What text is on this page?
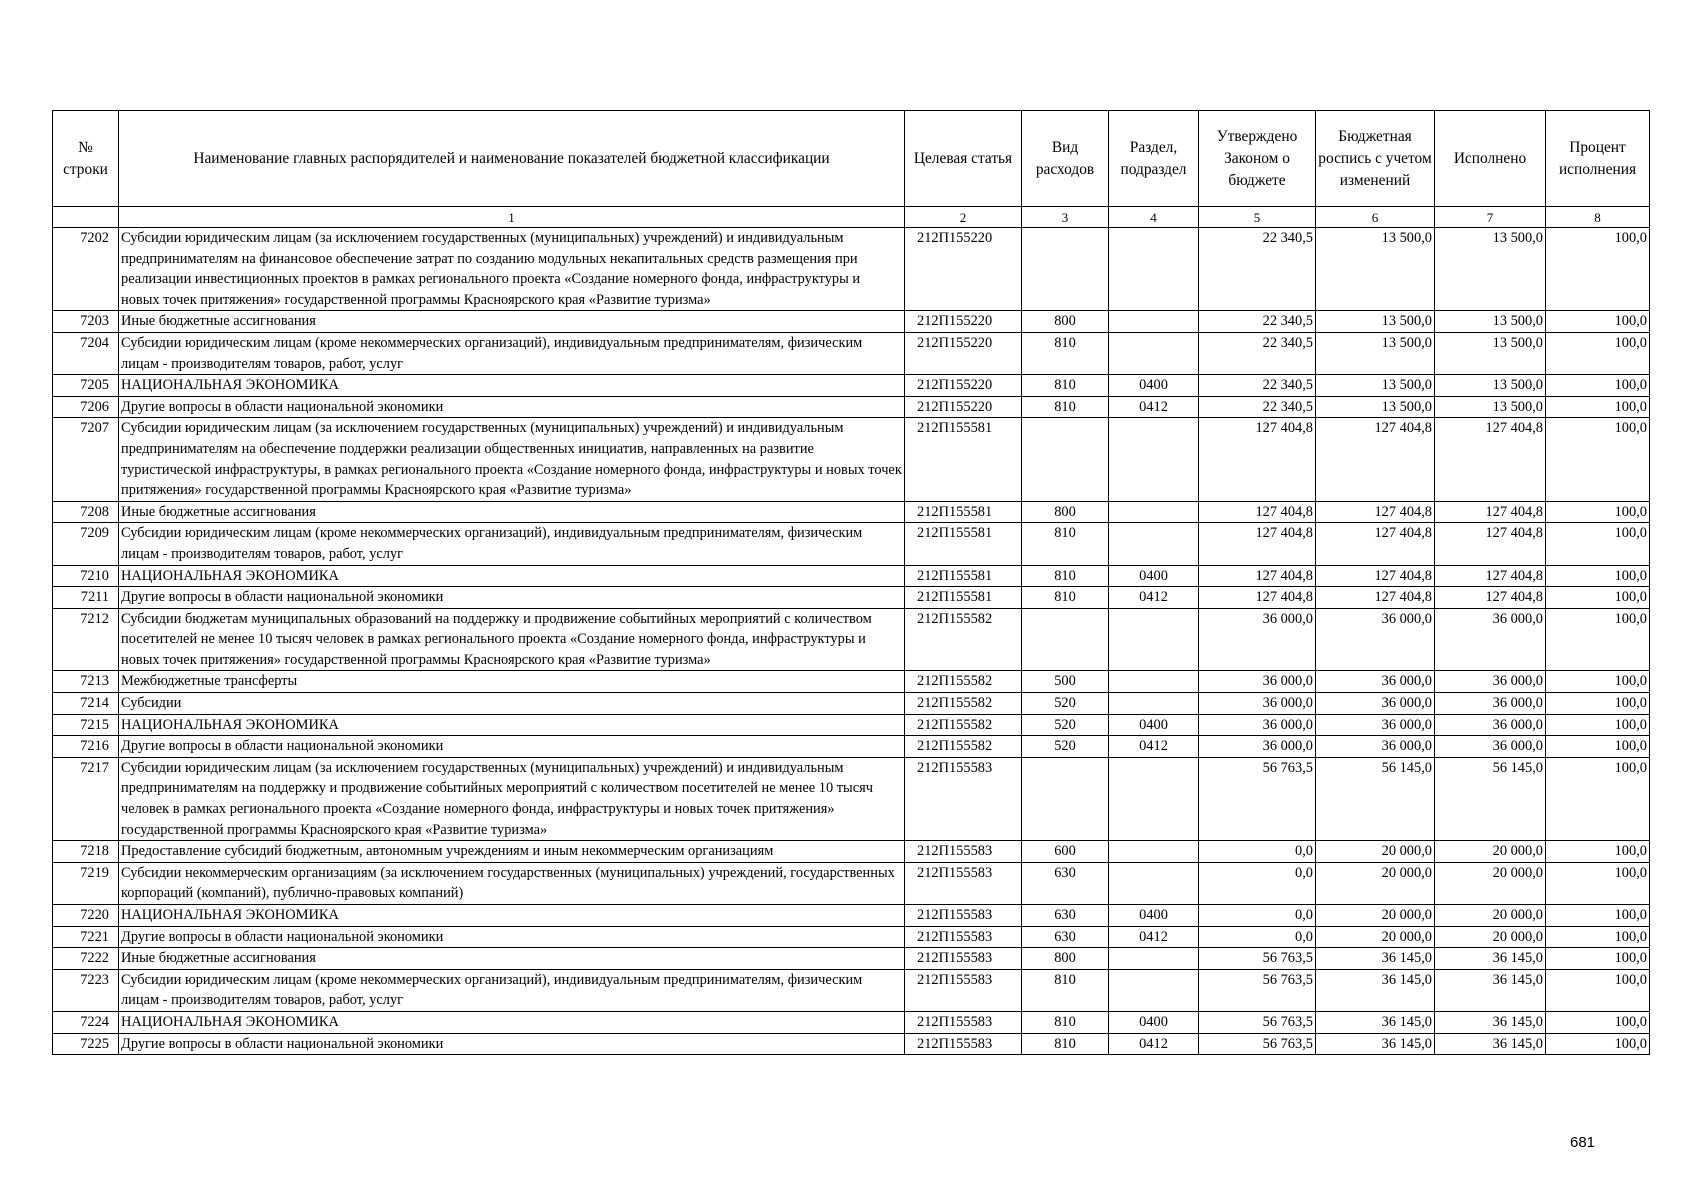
№ строки	Наименование главных распорядителей и наименование показателей бюджетной классификации	Целевая статья	Вид расходов	Раздел, подраздел	Утверждено Законом о бюджете	Бюджетная роспись с учетом изменений	Исполнено	Процент исполнения
	1	2	3	4	5	6	7	8
7202	Субсидии юридическим лицам (за исключением государственных (муниципальных) учреждений) и индивидуальным предпринимателям на финансовое обеспечение затрат по созданию модульных некапитальных средств размещения при реализации инвестиционных проектов в рамках регионального проекта «Создание номерного фонда, инфраструктуры и новых точек притяжения» государственной программы Красноярского края «Развитие туризма»	212П155220			22 340,5	13 500,0	13 500,0	100,0
7203	Иные бюджетные ассигнования	212П155220	800		22 340,5	13 500,0	13 500,0	100,0
7204	Субсидии юридическим лицам (кроме некоммерческих организаций), индивидуальным предпринимателям, физическим лицам - производителям товаров, работ, услуг	212П155220	810		22 340,5	13 500,0	13 500,0	100,0
7205	НАЦИОНАЛЬНАЯ ЭКОНОМИКА	212П155220	810	0400	22 340,5	13 500,0	13 500,0	100,0
7206	Другие вопросы в области национальной экономики	212П155220	810	0412	22 340,5	13 500,0	13 500,0	100,0
7207	Субсидии юридическим лицам (за исключением государственных (муниципальных) учреждений) и индивидуальным предпринимателям на обеспечение поддержки реализации общественных инициатив, направленных на развитие туристической инфраструктуры, в рамках регионального проекта «Создание номерного фонда, инфраструктуры и новых точек притяжения» государственной программы Красноярского края «Развитие туризма»	212П155581			127 404,8	127 404,8	127 404,8	100,0
7208	Иные бюджетные ассигнования	212П155581	800		127 404,8	127 404,8	127 404,8	100,0
7209	Субсидии юридическим лицам (кроме некоммерческих организаций), индивидуальным предпринимателям, физическим лицам - производителям товаров, работ, услуг	212П155581	810		127 404,8	127 404,8	127 404,8	100,0
7210	НАЦИОНАЛЬНАЯ ЭКОНОМИКА	212П155581	810	0400	127 404,8	127 404,8	127 404,8	100,0
7211	Другие вопросы в области национальной экономики	212П155581	810	0412	127 404,8	127 404,8	127 404,8	100,0
7212	Субсидии бюджетам муниципальных образований на поддержку и продвижение событийных мероприятий с количеством посетителей не менее 10 тысяч человек в рамках регионального проекта «Создание номерного фонда, инфраструктуры и новых точек притяжения» государственной программы Красноярского края «Развитие туризма»	212П155582			36 000,0	36 000,0	36 000,0	100,0
7213	Межбюджетные трансферты	212П155582	500		36 000,0	36 000,0	36 000,0	100,0
7214	Субсидии	212П155582	520		36 000,0	36 000,0	36 000,0	100,0
7215	НАЦИОНАЛЬНАЯ ЭКОНОМИКА	212П155582	520	0400	36 000,0	36 000,0	36 000,0	100,0
7216	Другие вопросы в области национальной экономики	212П155582	520	0412	36 000,0	36 000,0	36 000,0	100,0
7217	Субсидии юридическим лицам (за исключением государственных (муниципальных) учреждений) и индивидуальным предпринимателям на поддержку и продвижение событийных мероприятий с количеством посетителей не менее 10 тысяч человек в рамках регионального проекта «Создание номерного фонда, инфраструктуры и новых точек притяжения» государственной программы Красноярского края «Развитие туризма»	212П155583			56 763,5	56 145,0	56 145,0	100,0
7218	Предоставление субсидий бюджетным, автономным учреждениям и иным некоммерческим организациям	212П155583	600		0,0	20 000,0	20 000,0	100,0
7219	Субсидии некоммерческим организациям (за исключением государственных (муниципальных) учреждений, государственных корпораций (компаний), публично-правовых компаний)	212П155583	630		0,0	20 000,0	20 000,0	100,0
7220	НАЦИОНАЛЬНАЯ ЭКОНОМИКА	212П155583	630	0400	0,0	20 000,0	20 000,0	100,0
7221	Другие вопросы в области национальной экономики	212П155583	630	0412	0,0	20 000,0	20 000,0	100,0
7222	Иные бюджетные ассигнования	212П155583	800		56 763,5	36 145,0	36 145,0	100,0
7223	Субсидии юридическим лицам (кроме некоммерческих организаций), индивидуальным предпринимателям, физическим лицам - производителям товаров, работ, услуг	212П155583	810		56 763,5	36 145,0	36 145,0	100,0
7224	НАЦИОНАЛЬНАЯ ЭКОНОМИКА	212П155583	810	0400	56 763,5	36 145,0	36 145,0	100,0
7225	Другие вопросы в области национальной экономики	212П155583	810	0412	56 763,5	36 145,0	36 145,0	100,0
681
